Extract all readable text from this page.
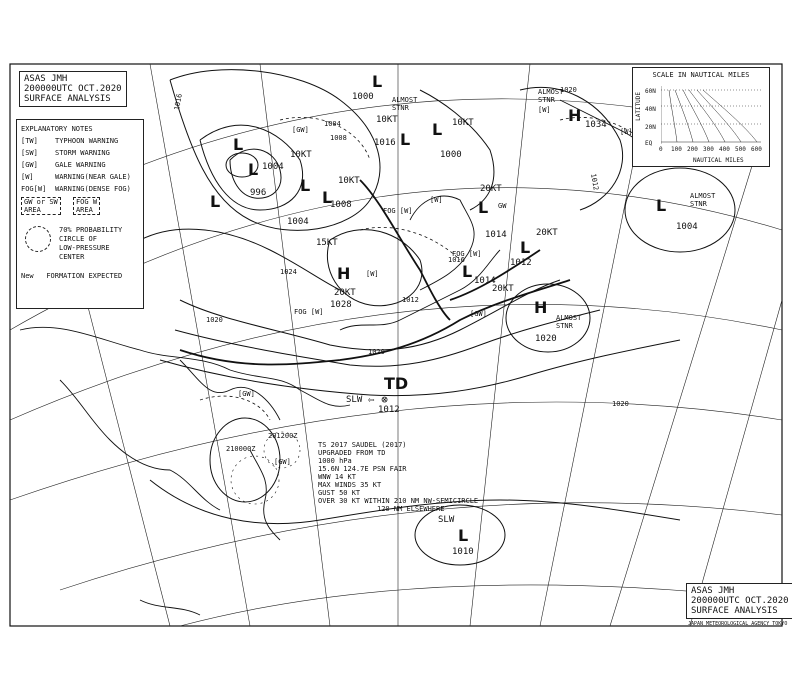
ASAS JMH
200000UTC OCT.2020
SURFACE ANALYSIS
EXPLANATORY NOTES
[TW] TYPHOON WARNING
[SW] STORM WARNING
[GW] GALE WARNING
[W]	WARNING(NEAR GALE)
FOG[W] WARNING(DENSE FOG)
GW or SW
AREA FOG W
AREA
70% PROBABILITY
CIRCLE OF
LOW-PRESSURE CENTER
New FORMATION EXPECTED
SCALE IN NAUTICAL MILES
LATITUDE
60N
40N
20N
EQ
0 100 200 300 400 500 600
NAUTICAL MILES
L
1004
10KT
L
1000	ALMOST STNR
L
1004
15KT
L
996
L
1016
10KT L
1000
10KT
L
1008
10KT
L
H
1028
20KT
L
1014
20KT
L 1014
20KT
L
1012
20KT
H
1020
ALMOST STNR
H 1034
ALMOST STNR
L
1004
ALMOST STNR
TD
1012
SLW ⇦ ⊗
L
1010
SLW
GW
FOG [W]
FOG [W]
FOG [W]
[W]
[GW]
[GW]
[GW]
[W]
[GW]
[W]
[W]
1020
1016
1012
1008
1004
1020
1024
1016
1012
1020
1020
201200Z
210000Z	TS 2017 SAUDEL (2017)
UPGRADED FROM TD
1000 hPa
15.6N 124.7E PSN FAIR
WNW 14 KT
MAX WINDS 35 KT
GUST 50 KT
OVER 30 KT WITHIN 210 NM NW-SEMICIRCLE
120 NM ELSEWHERE
ASAS JMH
200000UTC OCT.2020
SURFACE ANALYSIS
JAPAN METEOROLOGICAL AGENCY TOKYO
